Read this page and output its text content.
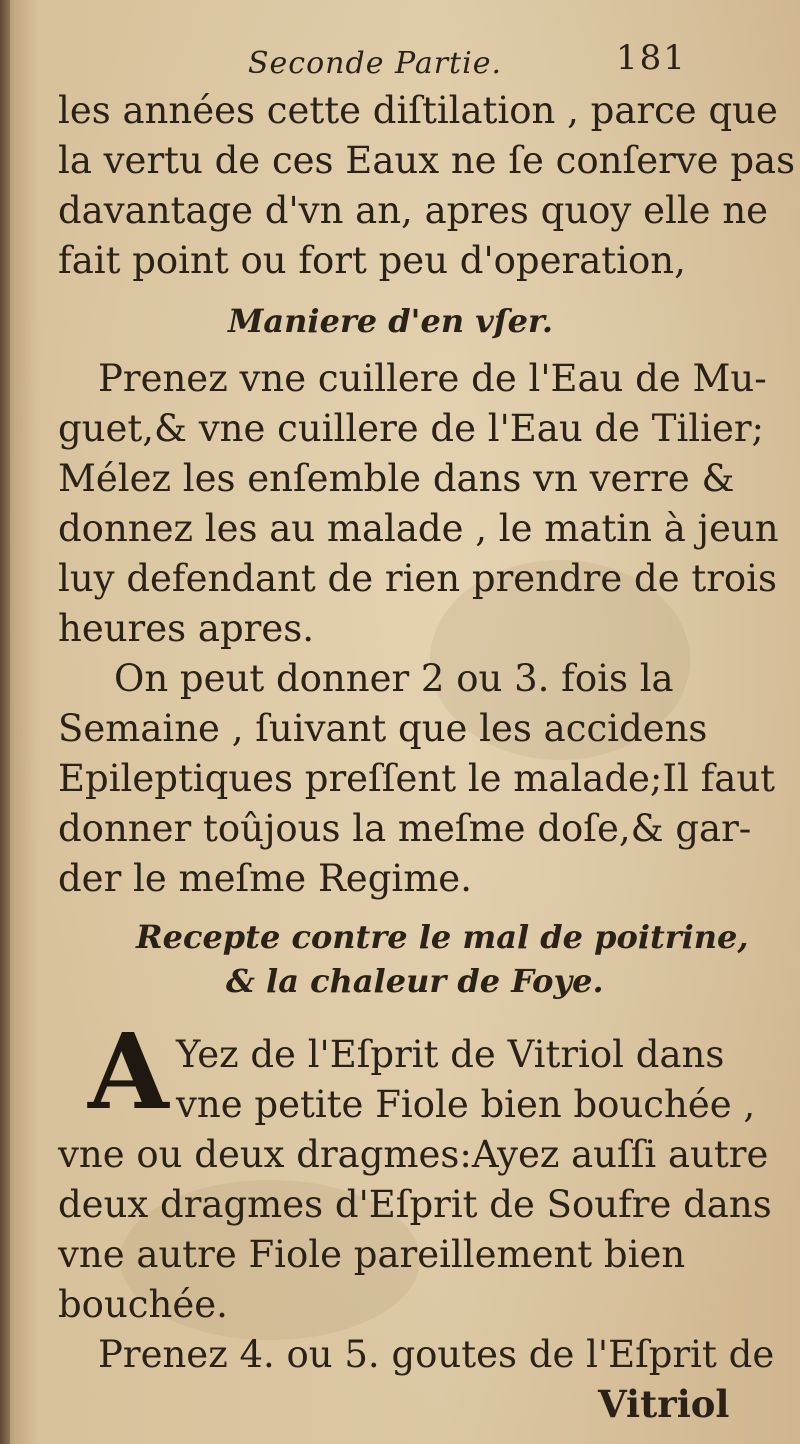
Seconde Partie.	181
les années cette diſtilation , parce que
la vertu de ces Eaux ne ſe conſerve pas
davantage d'vn an, apres quoy elle ne
fait point ou fort peu d'operation,
Maniere d'en vſer.
Prenez vne cuillere de l'Eau de Mu-
guet,& vne cuillere de l'Eau de Tilier;
Mélez les enſemble dans vn verre &
donnez les au malade , le matin à jeun
luy defendant de rien prendre de trois
heures apres.
On peut donner 2 ou 3. fois la
Semaine , ſuivant que les accidens
Epileptiques preſſent le malade;Il faut
donner toûjous la meſme doſe,& gar-
der le meſme Regime.
Recepte contre le mal de poitrine,
& la chaleur de Foye.
A Yez de l'Eſprit de Vitriol dans
vne petite Fiole bien bouchée ,
vne ou deux dragmes:Ayez auſſi autre
deux dragmes d'Eſprit de Soufre dans
vne autre Fiole pareillement bien
bouchée.
Prenez 4. ou 5. goutes de l'Eſprit de
Vitriol
